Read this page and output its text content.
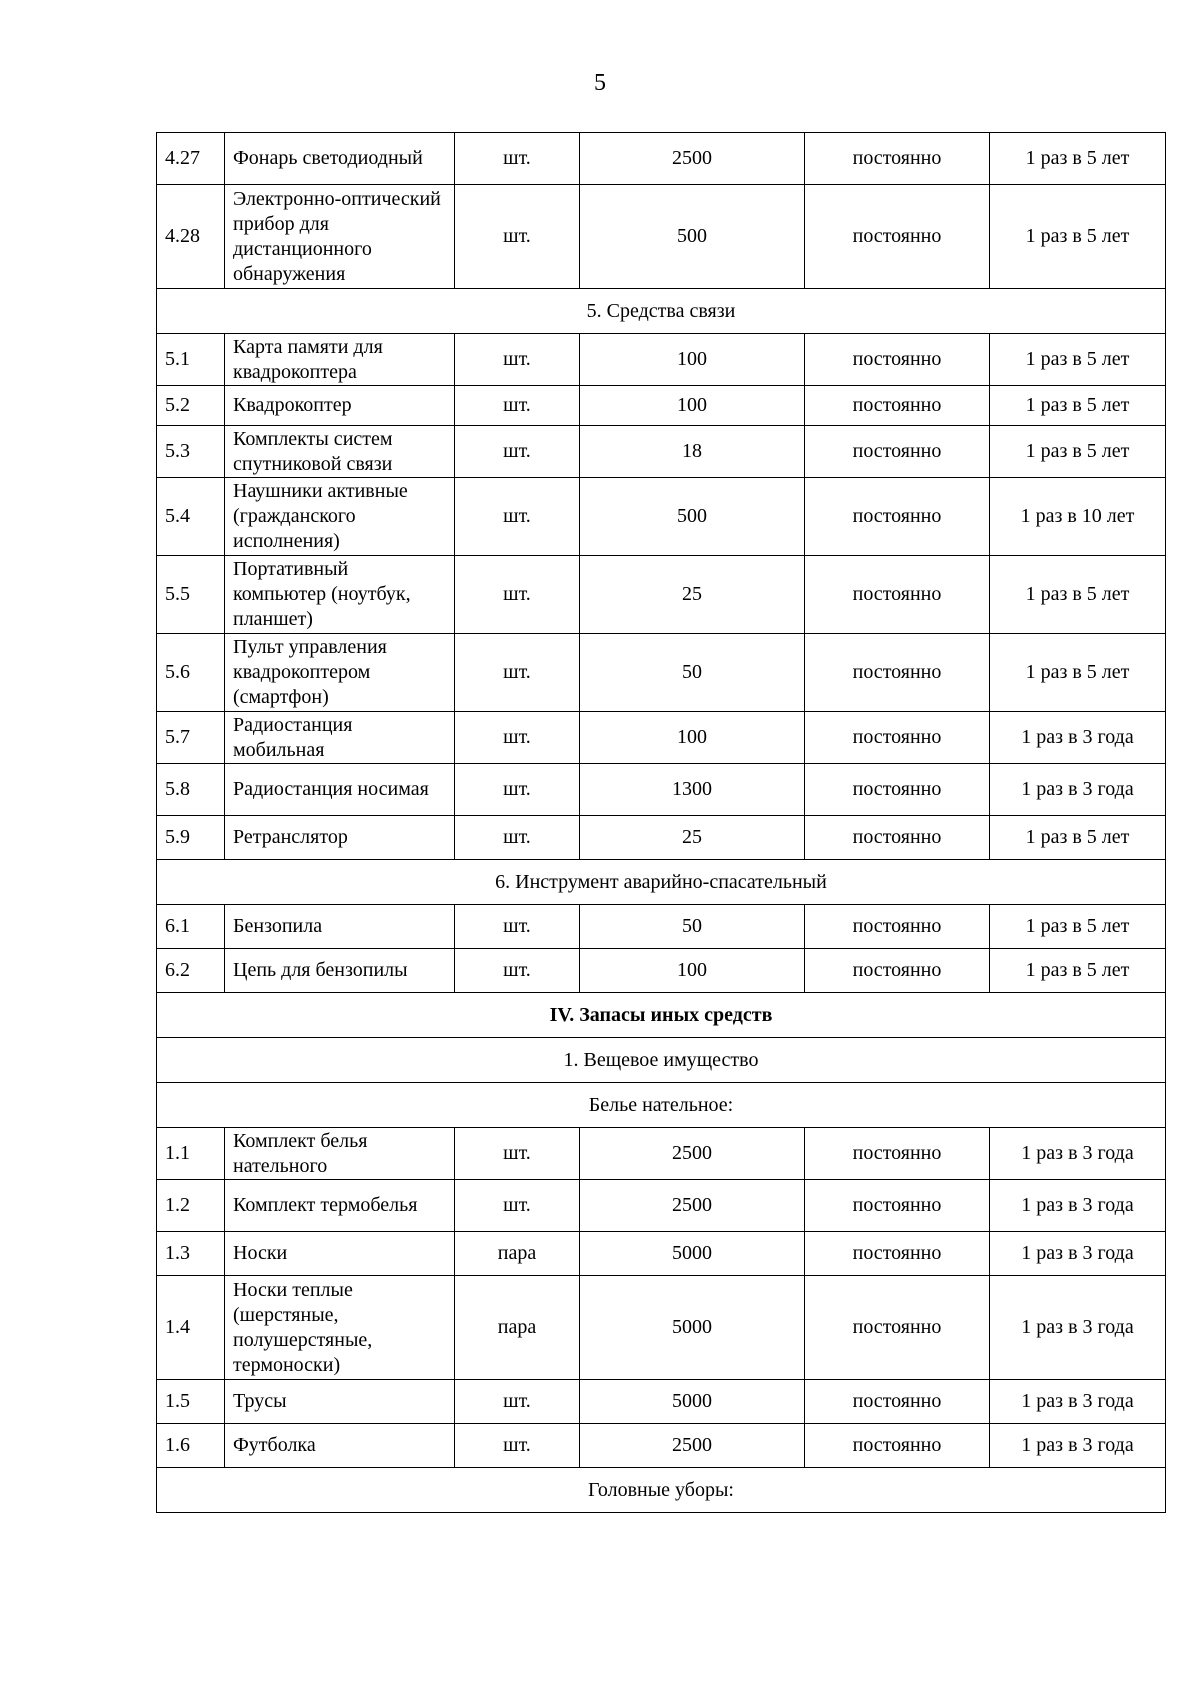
5
4.27	Фонарь светодиодный	шт.	2500	постоянно	1 раз в 5 лет
4.28	Электронно-оптический прибор для дистанционного обнаружения	шт.	500	постоянно	1 раз в 5 лет
5. Средства связи					
5.1	Карта памяти для квадрокоптера	шт.	100	постоянно	1 раз в 5 лет
5.2	Квадрокоптер	шт.	100	постоянно	1 раз в 5 лет
5.3	Комплекты систем спутниковой связи	шт.	18	постоянно	1 раз в 5 лет
5.4	Наушники активные (гражданского исполнения)	шт.	500	постоянно	1 раз в 10 лет
5.5	Портативный компьютер (ноутбук, планшет)	шт.	25	постоянно	1 раз в 5 лет
5.6	Пульт управления квадрокоптером (смартфон)	шт.	50	постоянно	1 раз в 5 лет
5.7	Радиостанция мобильная	шт.	100	постоянно	1 раз в 3 года
5.8	Радиостанция носимая	шт.	1300	постоянно	1 раз в 3 года
5.9	Ретранслятор	шт.	25	постоянно	1 раз в 5 лет
6. Инструмент аварийно-спасательный					
6.1	Бензопила	шт.	50	постоянно	1 раз в 5 лет
6.2	Цепь для бензопилы	шт.	100	постоянно	1 раз в 5 лет
IV. Запасы иных средств					
1. Вещевое имущество					
Белье нательное:					
1.1	Комплект белья нательного	шт.	2500	постоянно	1 раз в 3 года
1.2	Комплект термобелья	шт.	2500	постоянно	1 раз в 3 года
1.3	Носки	пара	5000	постоянно	1 раз в 3 года
1.4	Носки теплые (шерстяные, полушерстяные, термоноски)	пара	5000	постоянно	1 раз в 3 года
1.5	Трусы	шт.	5000	постоянно	1 раз в 3 года
1.6	Футболка	шт.	2500	постоянно	1 раз в 3 года
Головные уборы:					
